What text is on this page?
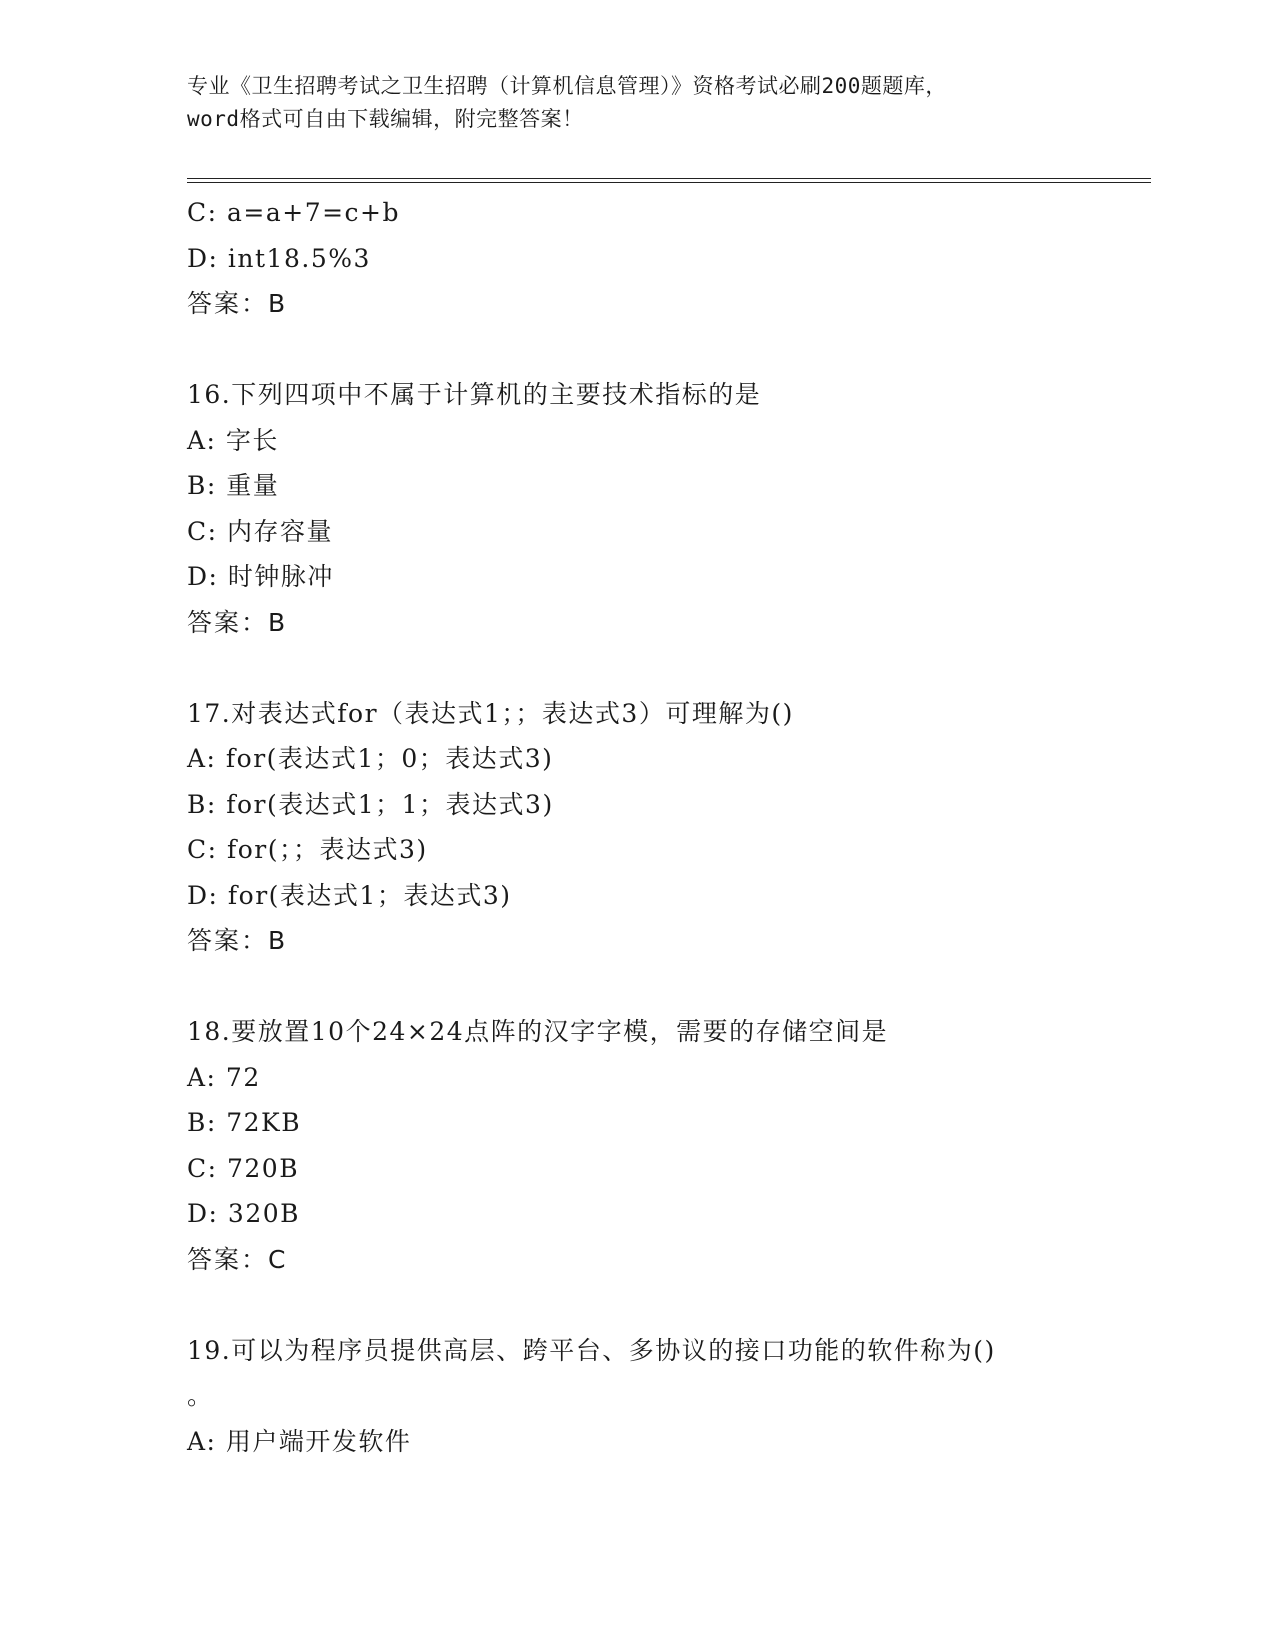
专业《卫生招聘考试之卫生招聘（计算机信息管理）》资格考试必刷200题题库，
word格式可自由下载编辑，附完整答案！
C: a=a+7=c+b
D: int18.5%3
答案：B
16.下列四项中不属于计算机的主要技术指标的是
A: 字长
B: 重量
C: 内存容量
D: 时钟脉冲
答案：B
17.对表达式for（表达式1；；表达式3）可理解为()
A: for(表达式1；0；表达式3)
B: for(表达式1；1；表达式3)
C: for(；；表达式3)
D: for(表达式1；表达式3)
答案：B
18.要放置10个24×24点阵的汉字字模，需要的存储空间是
A: 72
B: 72KB
C: 720B
D: 320B
答案：C
19.可以为程序员提供高层、跨平台、多协议的接口功能的软件称为()
。
A: 用户端开发软件
